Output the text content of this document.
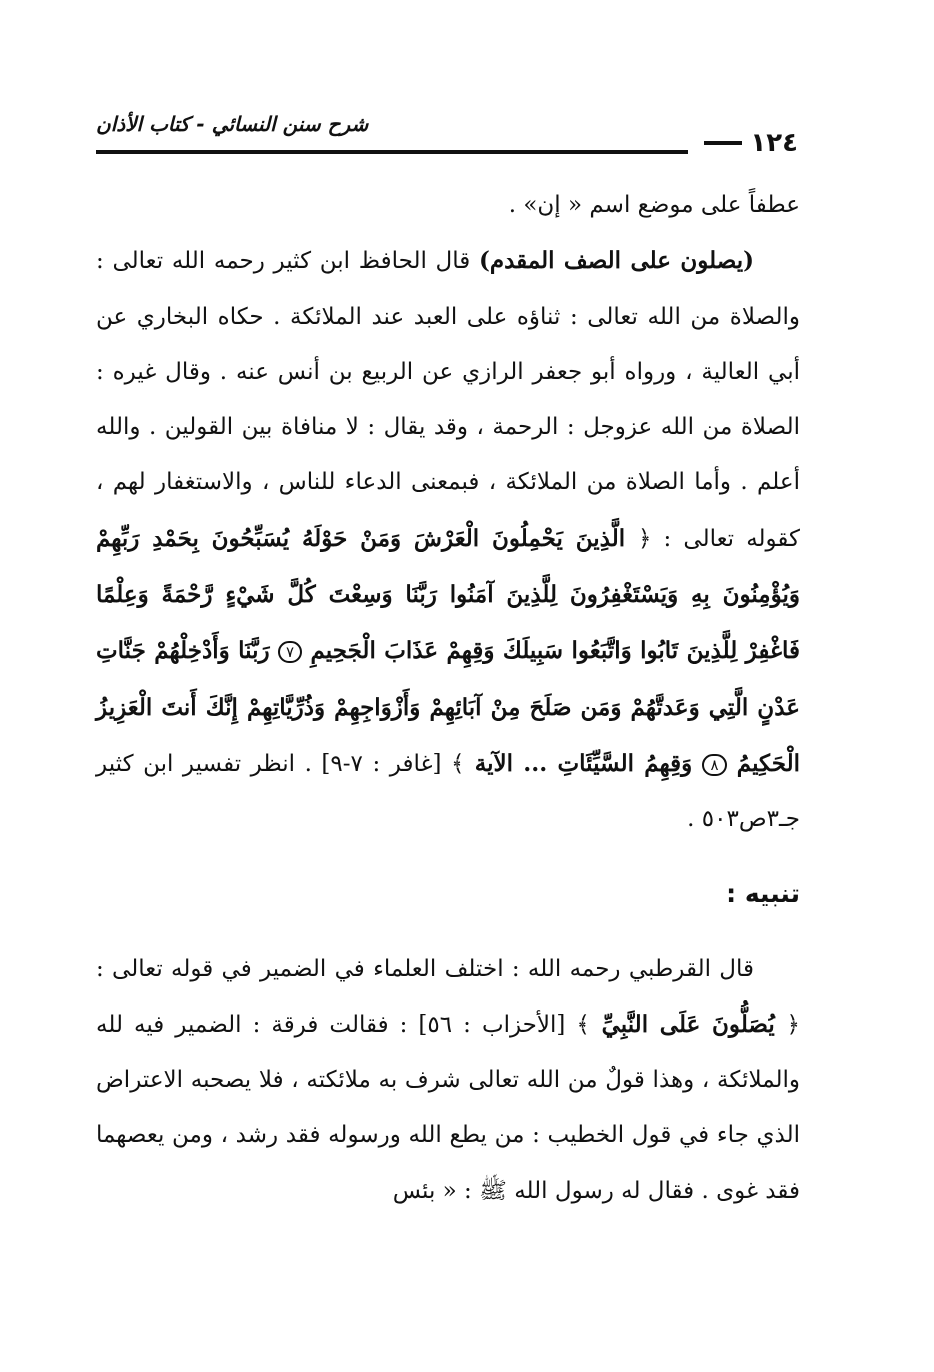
١٢٤
شرح سنن النسائي - كتاب الأذان

عطفاً على موضع اسم « إن» .

  (يصلون على الصف المقدم) قال الحافظ ابن كثير رحمه الله تعالى : والصلاة من الله تعالى : ثناؤه على العبد عند الملائكة . حكاه البخاري عن أبي العالية ، ورواه أبو جعفر الرازي عن الربيع بن أنس عنه . وقال غيره : الصلاة من الله عزوجل : الرحمة ، وقد يقال : لا منافاة بين القولين . والله أعلم . وأما الصلاة من الملائكة ، فبمعنى الدعاء للناس ، والاستغفار لهم ، كقوله تعالى : ﴿ الَّذِينَ يَحْمِلُونَ الْعَرْشَ وَمَنْ حَوْلَهُ يُسَبِّحُونَ بِحَمْدِ رَبِّهِمْ وَيُؤْمِنُونَ بِهِ وَيَسْتَغْفِرُونَ لِلَّذِينَ آمَنُوا رَبَّنَا وَسِعْتَ كُلَّ شَيْءٍ رَّحْمَةً وَعِلْمًا فَاغْفِرْ لِلَّذِينَ تَابُوا وَاتَّبَعُوا سَبِيلَكَ وَقِهِمْ عَذَابَ الْجَحِيمِ ٧ رَبَّنَا وَأَدْخِلْهُمْ جَنَّاتِ عَدْنٍ الَّتِي وَعَدتَّهُمْ وَمَن صَلَحَ مِنْ آبَائِهِمْ وَأَزْوَاجِهِمْ وَذُرِّيَّاتِهِمْ إِنَّكَ أَنتَ الْعَزِيزُ الْحَكِيمُ ٨ وَقِهِمُ السَّيِّئَاتِ ... الآية ﴾ [غافر : ٧-٩] . انظر تفسير ابن كثير جـ٣ص٥٠٣ .

تنبيه :

  قال القرطبي رحمه الله : اختلف العلماء في الضمير في قوله تعالى : ﴿ يُصَلُّونَ عَلَى النَّبِيِّ ﴾ [الأحزاب : ٥٦] : فقالت فرقة : الضمير فيه لله والملائكة ، وهذا قولٌ من الله تعالى شرف به ملائكته ، فلا يصحبه الاعتراض الذي جاء في قول الخطيب : من يطع الله ورسوله فقد رشد ، ومن يعصهما فقد غوى . فقال له رسول الله ﷺ : « بئس
